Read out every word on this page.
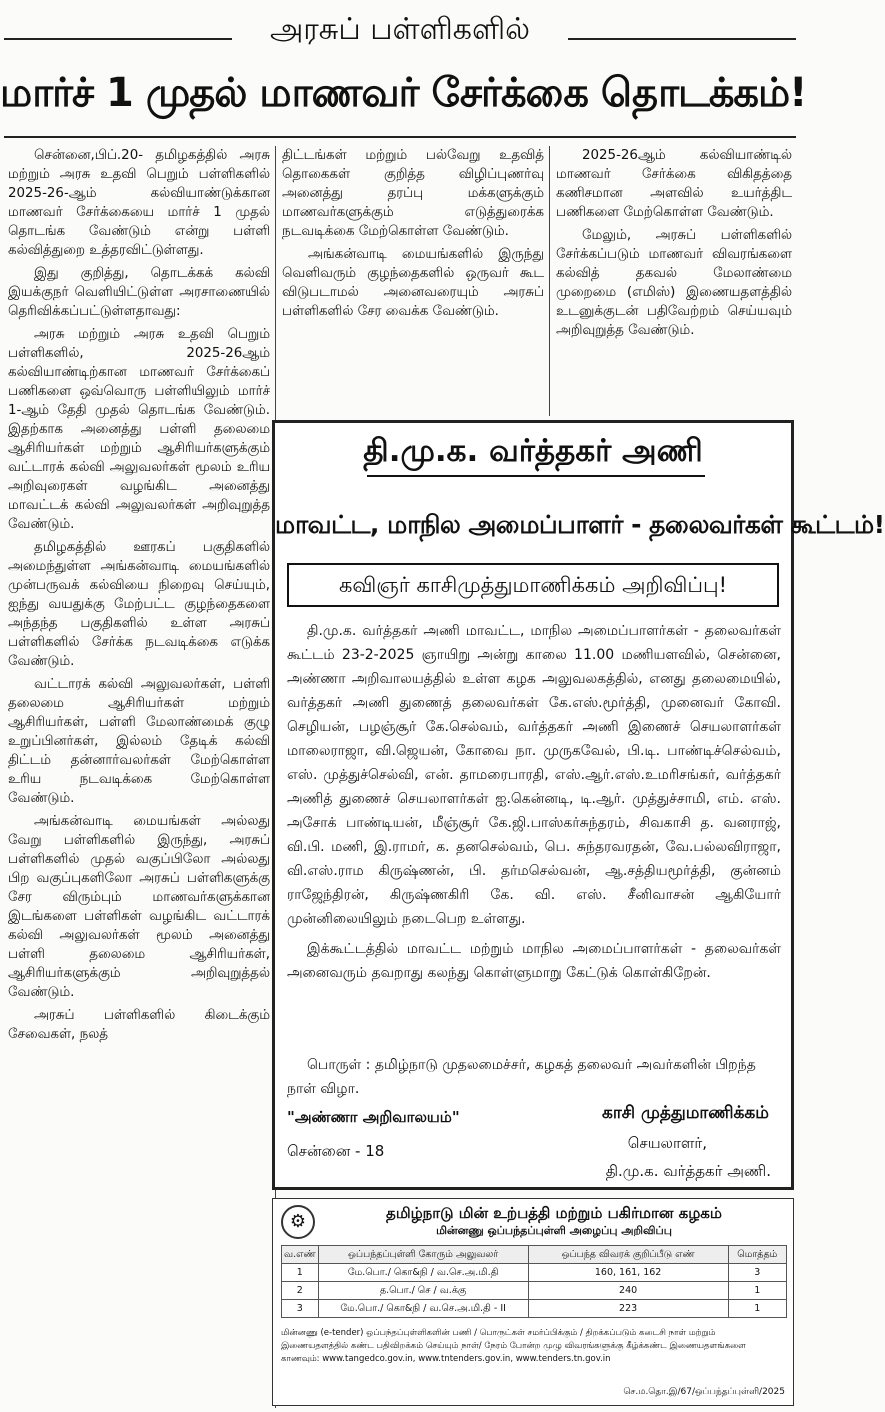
அரசுப் பள்ளிகளில்
மார்ச் 1 முதல் மாணவர் சேர்க்கை தொடக்கம்!

சென்னை,பிப்.20- தமிழகத்தில் அரசு மற்றும் அரசு உதவி பெறும் பள்ளிகளில் 2025-26-ஆம் கல்வியாண்டுக்கான மாணவர் சேர்க்கையை மார்ச் 1 முதல் தொடங்க வேண்டும் என்று பள்ளி கல்வித்துறை உத்தரவிட்டுள்ளது.

இது குறித்து, தொடக்கக் கல்வி இயக்குநர் வெளியிட்டுள்ள அரசாணையில் தெரிவிக்கப்பட்டுள்ளதாவது:

அரசு மற்றும் அரசு உதவி பெறும் பள்ளிகளில், 2025-26ஆம் கல்வியாண்டிற்கான மாணவர் சேர்க்கைப் பணிகளை ஒவ்வொரு பள்ளியிலும் மார்ச் 1-ஆம் தேதி முதல் தொடங்க வேண்டும். இதற்காக அனைத்து பள்ளி தலைமை ஆசிரியர்கள் மற்றும் ஆசிரியர்களுக்கும் வட்டாரக் கல்வி அலுவலர்கள் மூலம் உரிய அறிவுரைகள் வழங்கிட அனைத்து மாவட்டக் கல்வி அலுவலர்கள் அறிவுறுத்த வேண்டும்.

தமிழகத்தில் ஊரகப் பகுதிகளில் அமைந்துள்ள அங்கன்வாடி மையங்களில் முன்பருவக் கல்வியை நிறைவு செய்யும், ஐந்து வயதுக்கு மேற்பட்ட குழந்தைகளை அந்தந்த பகுதிகளில் உள்ள அரசுப் பள்ளிகளில் சேர்க்க நடவடிக்கை எடுக்க வேண்டும்.

வட்டாரக் கல்வி அலுவலர்கள், பள்ளி தலைமை ஆசிரியர்கள் மற்றும் ஆசிரியர்கள், பள்ளி மேலாண்மைக் குழு உறுப்பினர்கள், இல்லம் தேடிக் கல்வி திட்டம் தன்னார்வலர்கள் மேற்கொள்ள உரிய நடவடிக்கை மேற்கொள்ள வேண்டும்.

அங்கன்வாடி மையங்கள் அல்லது வேறு பள்ளிகளில் இருந்து, அரசுப் பள்ளிகளில் முதல் வகுப்பிலோ அல்லது பிற வகுப்புகளிலோ அரசுப் பள்ளிகளுக்கு சேர விரும்பும் மாணவர்களுக்கான இடங்களை பள்ளிகள் வழங்கிட வட்டாரக் கல்வி அலுவலர்கள் மூலம் அனைத்து பள்ளி தலைமை ஆசிரியர்கள், ஆசிரியர்களுக்கும் அறிவுறுத்தல் வேண்டும்.

அரசுப் பள்ளிகளில் கிடைக்கும் சேவைகள், நலத்

திட்டங்கள் மற்றும் பல்வேறு உதவித் தொகைகள் குறித்த விழிப்புணர்வு அனைத்து தரப்பு மக்களுக்கும் மாணவர்களுக்கும் எடுத்துரைக்க நடவடிக்கை மேற்கொள்ள வேண்டும்.

அங்கன்வாடி மையங்களில் இருந்து வெளிவரும் குழந்தைகளில் ஒருவர் கூட விடுபடாமல் அனைவரையும் அரசுப் பள்ளிகளில் சேர வைக்க வேண்டும்.

2025-26ஆம் கல்வியாண்டில் மாணவர் சேர்க்கை விகிதத்தை கணிசமான அளவில் உயர்த்திட பணிகளை மேற்கொள்ள வேண்டும்.

மேலும், அரசுப் பள்ளிகளில் சேர்க்கப்படும் மாணவர் விவரங்களை கல்வித் தகவல் மேலாண்மை முறைமை (எமிஸ்) இணையதளத்தில் உடனுக்குடன் பதிவேற்றம் செய்யவும் அறிவுறுத்த வேண்டும்.

தி.மு.க. வர்த்தகர் அணி
மாவட்ட, மாநில அமைப்பாளர் - தலைவர்கள் கூட்டம்!
கவிஞர் காசிமுத்துமாணிக்கம் அறிவிப்பு!

தி.மு.க. வர்த்தகர் அணி மாவட்ட, மாநில அமைப்பாளர்கள் - தலைவர்கள் கூட்டம் 23-2-2025 ஞாயிறு அன்று காலை 11.00 மணியளவில், சென்னை, அண்ணா அறிவாலயத்தில் உள்ள கழக அலுவலகத்தில், எனது தலைமையில், வர்த்தகர் அணி துணைத் தலைவர்கள் கே.எஸ்.மூர்த்தி, முனைவர் கோவி. செழியன், பழஞ்சூர் கே.செல்வம், வர்த்தகர் அணி இணைச் செயலாளர்கள் மாலைராஜா, வி.ஜெயன், கோவை நா. முருகவேல், பி.டி. பாண்டிச்செல்வம், எஸ். முத்துச்செல்வி, என். தாமரைபாரதி, எஸ்.ஆர்.எஸ்.உமரிசங்கர், வர்த்தகர் அணித் துணைச் செயலாளர்கள் ஐ.கென்னடி, டி.ஆர். முத்துச்சாமி, எம். எஸ். அசோக் பாண்டியன், மீஞ்சூர் கே.ஜி.பாஸ்கர்சுந்தரம், சிவகாசி த. வனராஜ், வி.பி. மணி, இ.ராமர், க. தனசெல்வம், பெ. சுந்தரவரதன், வே.பல்லவிராஜா, வி.எஸ்.ராம கிருஷ்ணன், பி. தர்மசெல்வன், ஆ.சத்தியமூர்த்தி, குன்னம் ராஜேந்திரன், கிருஷ்ணகிரி கே. வி. எஸ். சீனிவாசன் ஆகியோர் முன்னிலையிலும் நடைபெற உள்ளது.

இக்கூட்டத்தில் மாவட்ட மற்றும் மாநில அமைப்பாளர்கள் - தலைவர்கள் அனைவரும் தவறாது கலந்து கொள்ளுமாறு கேட்டுக் கொள்கிறேன்.

பொருள் : தமிழ்நாடு முதலமைச்சர், கழகத் தலைவர் அவர்களின் பிறந்த நாள் விழா.
"அண்ணா அறிவாலயம்"
சென்னை - 18
காசி முத்துமாணிக்கம்
செயலாளர்,
தி.மு.க. வர்த்தகர் அணி.
⚙	தமிழ்நாடு மின் உற்பத்தி மற்றும் பகிர்மான கழகம்
மின்னணு ஒப்பந்தப்புள்ளி அழைப்பு அறிவிப்பு
வ.எண்	ஒப்பந்தப்புள்ளி கோரும் அலுவலர்	ஒப்பந்த விவரக் குறிப்பீடு எண்	மொத்தம்
1	மே.பொ./ கொ&நி / வ.செ.அ.மி.தி	160, 161, 162	3
2	த.பொ./ செ / வ.க்கு	240	1
3	மே.பொ./ கொ&நி / வ.செ.அ.மி.தி - II	223	1
மின்னணு (e-tender) ஒப்பந்தப்புள்ளிகளின் பணி / பொருட்கள் சமர்ப்பிக்கும் / திறக்கப்படும் கடைசி நாள் மற்றும் இணையதளத்தில் கண்ட பதிவிறக்கம் செய்யும் நாள்/ நேரம் போன்ற முழு விவரங்களுக்கு கீழ்க்கண்ட இணையதளங்களை காணவும்: www.tangedco.gov.in, www.tntenders.gov.in, www.tenders.tn.gov.in
செ.ம.தொ.இ/67/ஒப்பந்தப்புள்ளி/2025
